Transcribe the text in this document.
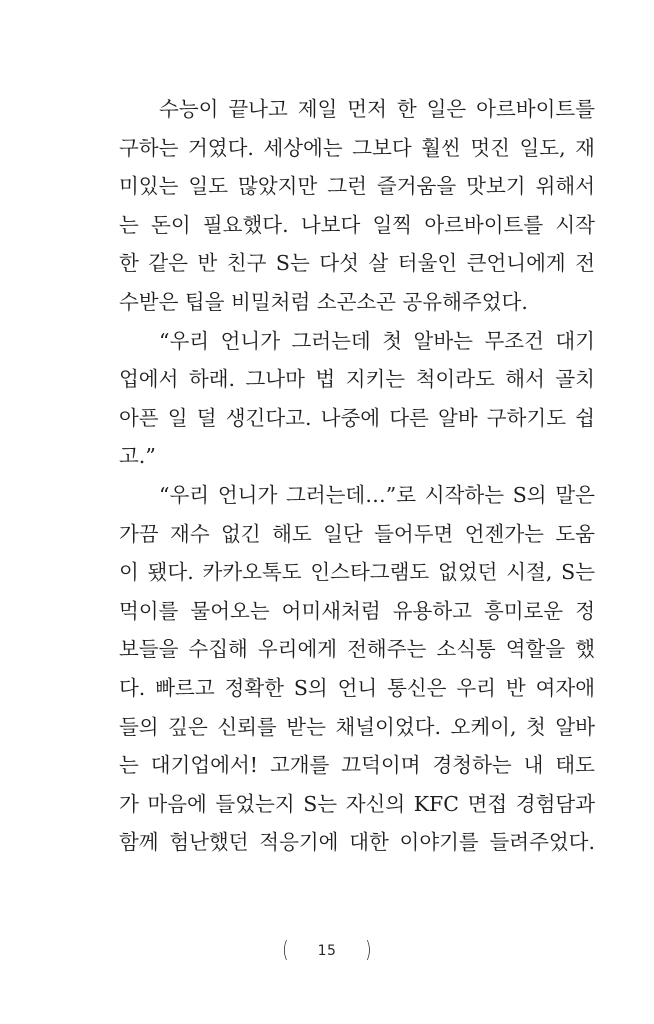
수능이 끝나고 제일 먼저 한 일은 아르바이트를
구하는 거였다. 세상에는 그보다 훨씬 멋진 일도, 재
미있는 일도 많았지만 그런 즐거움을 맛보기 위해서
는 돈이 필요했다. 나보다 일찍 아르바이트를 시작
한 같은 반 친구 S는 다섯 살 터울인 큰언니에게 전
수받은 팁을 비밀처럼 소곤소곤 공유해주었다.
“우리 언니가 그러는데 첫 알바는 무조건 대기
업에서 하래. 그나마 법 지키는 척이라도 해서 골치
아픈 일 덜 생긴다고. 나중에 다른 알바 구하기도 쉽
고.”
“우리 언니가 그러는데…”로 시작하는 S의 말은
가끔 재수 없긴 해도 일단 들어두면 언젠가는 도움
이 됐다. 카카오톡도 인스타그램도 없었던 시절, S는
먹이를 물어오는 어미새처럼 유용하고 흥미로운 정
보들을 수집해 우리에게 전해주는 소식통 역할을 했
다. 빠르고 정확한 S의 언니 통신은 우리 반 여자애
들의 깊은 신뢰를 받는 채널이었다. 오케이, 첫 알바
는 대기업에서! 고개를 끄덕이며 경청하는 내 태도
가 마음에 들었는지 S는 자신의 KFC 면접 경험담과
함께 험난했던 적응기에 대한 이야기를 들려주었다.
( 15 )
